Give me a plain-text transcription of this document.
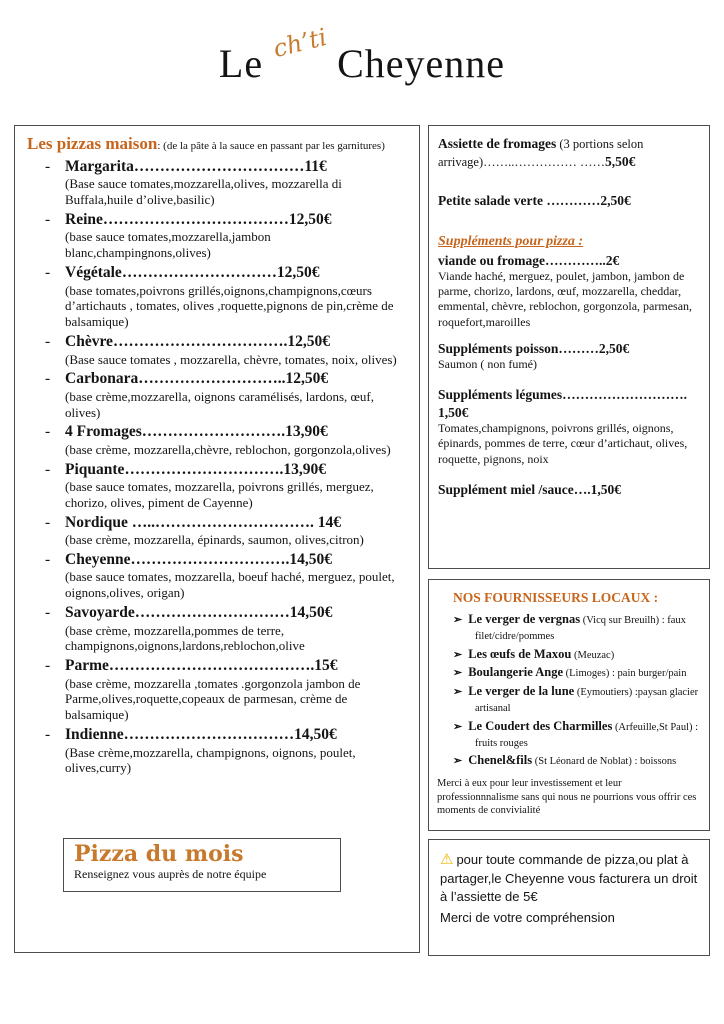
Le ch’ti Cheyenne
Les pizzas maison: (de la pâte à la sauce en passant par les garnitures)
- Margarita……………………………11€
(Base sauce tomates,mozzarella,olives, mozzarella di Buffala,huile d’olive,basilic)
- Reine………………………………12,50€
(base sauce tomates,mozzarella,jambon blanc,champingnons,olives)
- Végétale…………………………12,50€
(base tomates,poivrons grillés,oignons,champignons,cœurs d’artichauts , tomates, olives ,roquette,pignons de pin,crème de balsamique)
- Chèvre…………………………….12,50€
(Base sauce tomates , mozzarella, chèvre, tomates, noix, olives)
- Carbonara………………………..12,50€
(base crème,mozzarella, oignons caramélisés, lardons, œuf, olives)
- 4 Fromages……………………….13,90€
(base crème, mozzarella,chèvre, reblochon, gorgonzola,olives)
- Piquante………………………….13,90€
(base sauce tomates, mozzarella, poivrons grillés, merguez, chorizo, olives, piment de Cayenne)
- Nordique …..…………………………. 14€
(base crème, mozzarella, épinards, saumon, olives,citron)
- Cheyenne………………………….14,50€
(base sauce tomates, mozzarella, boeuf haché, merguez, poulet, oignons,olives, origan)
- Savoyarde…………………………14,50€
(base crème, mozzarella,pommes de terre, champignons,oignons,lardons,reblochon,olive
- Parme………………………………….15€
(base crème, mozzarella ,tomates .gorgonzola jambon de Parme,olives,roquette,copeaux de parmesan, crème de balsamique)
- Indienne……………………………14,50€
(Base crème,mozzarella, champignons, oignons, poulet, olives,curry)
Pizza du mois
Renseignez vous auprès de notre équipe

Assiette de fromages (3 portions selon arrivage)……..…………… ……5,50€

Petite salade verte …………2,50€

Suppléments pour pizza :

viande ou fromage…………..2€

Viande haché, merguez, poulet, jambon, jambon de parme, chorizo, lardons, œuf, mozzarella, cheddar, emmental, chèvre, reblochon, gorgonzola, parmesan, roquefort,maroilles

Suppléments poisson………2,50€

Saumon ( non fumé)

Suppléments légumes………………………. 1,50€

Tomates,champignons, poivrons grillés, oignons, épinards, pommes de terre, cœur d’artichaut, olives, roquette, pignons, noix

Supplément miel /sauce….1,50€

NOS FOURNISSEURS LOCAUX :
➢ Le verger de vergnas (Vicq sur Breuilh) : faux filet/cidre/pommes
➢ Les œufs de Maxou (Meuzac)
➢ Boulangerie Ange (Limoges) : pain burger/pain
➢ Le verger de la lune (Eymoutiers) :paysan glacier artisanal
➢ Le Coudert des Charmilles (Arfeuille,St Paul) : fruits rouges
➢ Chenel&fils (St Léonard de Noblat) : boissons

Merci à eux pour leur investissement et leur professionnnalisme sans qui nous ne pourrions vous offrir ces moments de convivialité

⚠ pour toute commande de pizza,ou plat à partager,le Cheyenne vous facturera un droit à l’assiette de 5€
Merci de votre compréhension
